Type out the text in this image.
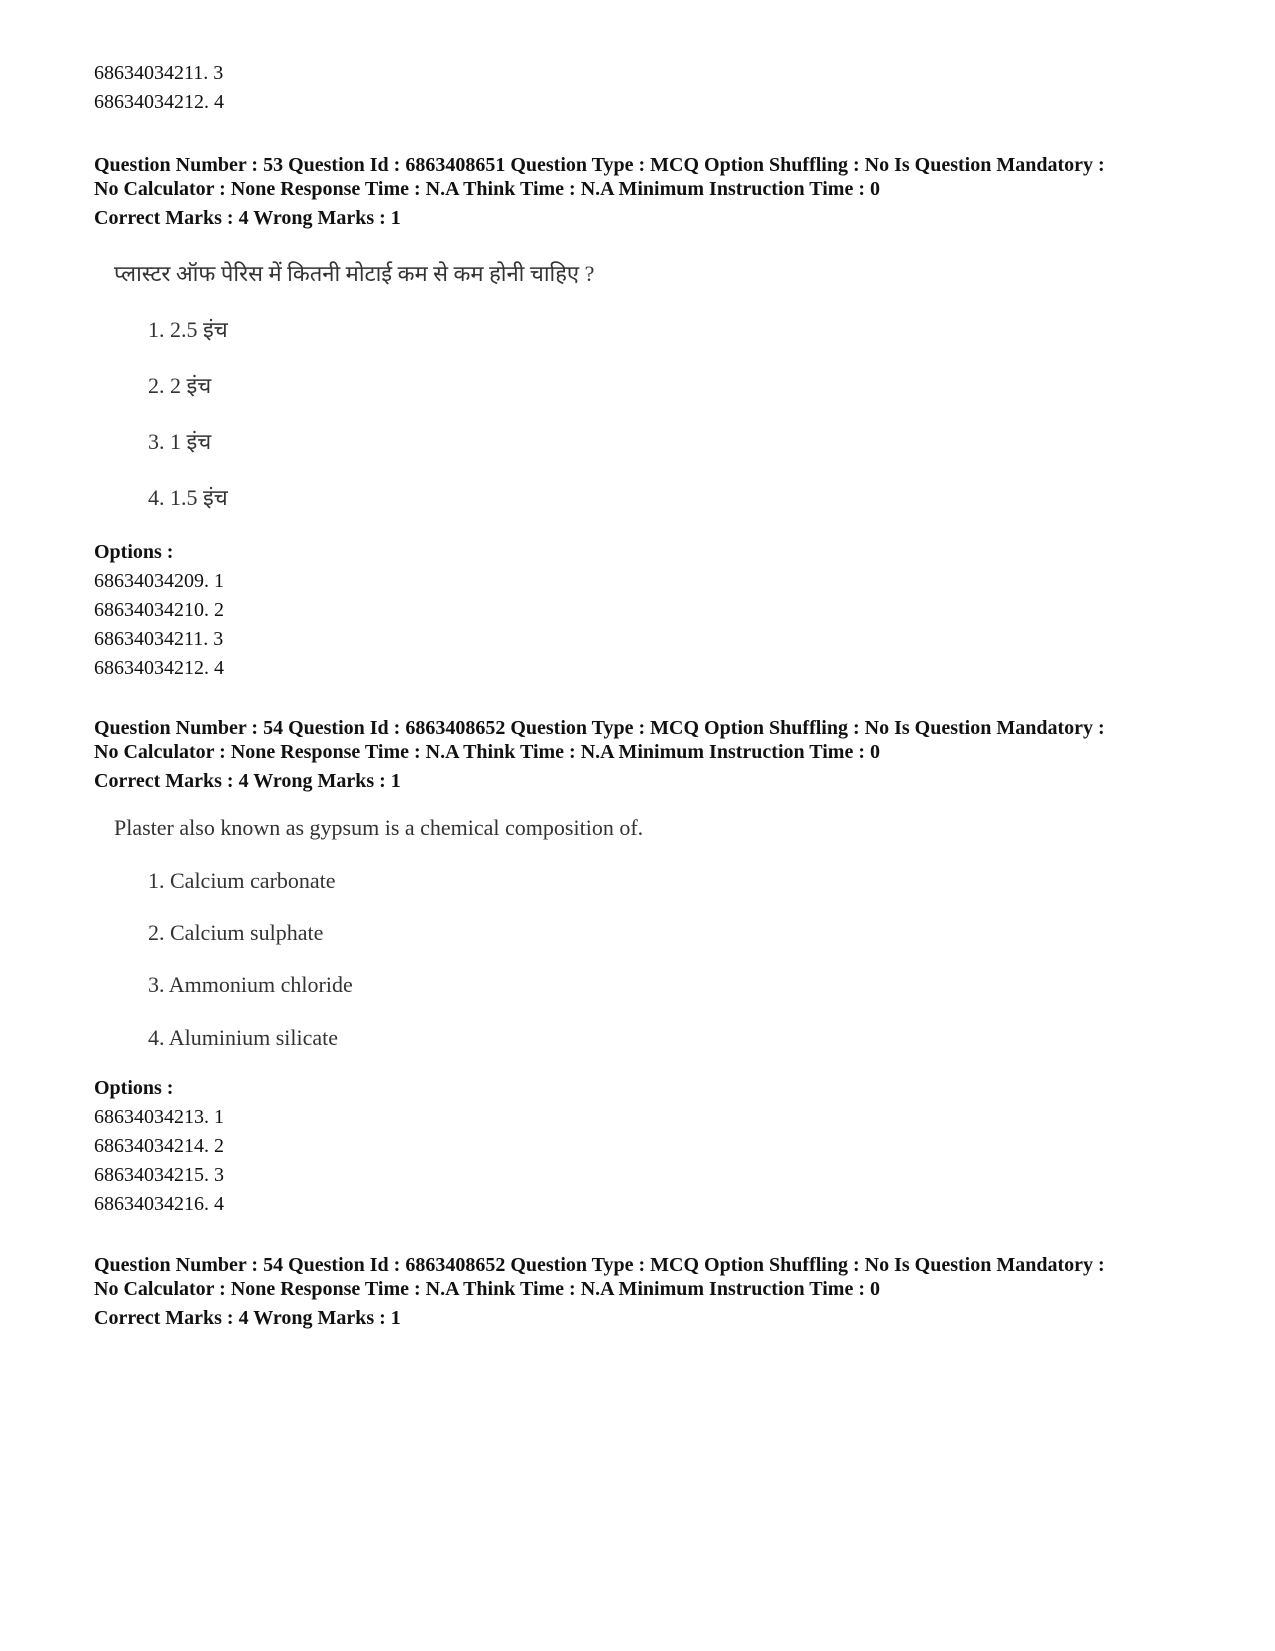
68634034211. 3
68634034212. 4
Question Number : 53 Question Id : 6863408651 Question Type : MCQ Option Shuffling : No Is Question Mandatory :
No Calculator : None Response Time : N.A Think Time : N.A Minimum Instruction Time : 0
Correct Marks : 4 Wrong Marks : 1
प्लास्टर ऑफ पेरिस में कितनी मोटाई कम से कम होनी चाहिए ?
1. 2.5 इंच
2. 2 इंच
3. 1 इंच
4. 1.5 इंच
Options :
68634034209. 1
68634034210. 2
68634034211. 3
68634034212. 4
Question Number : 54 Question Id : 6863408652 Question Type : MCQ Option Shuffling : No Is Question Mandatory :
No Calculator : None Response Time : N.A Think Time : N.A Minimum Instruction Time : 0
Correct Marks : 4 Wrong Marks : 1
Plaster also known as gypsum is a chemical composition of.
1. Calcium carbonate
2. Calcium sulphate
3. Ammonium chloride
4. Aluminium silicate
Options :
68634034213. 1
68634034214. 2
68634034215. 3
68634034216. 4
Question Number : 54 Question Id : 6863408652 Question Type : MCQ Option Shuffling : No Is Question Mandatory :
No Calculator : None Response Time : N.A Think Time : N.A Minimum Instruction Time : 0
Correct Marks : 4 Wrong Marks : 1
